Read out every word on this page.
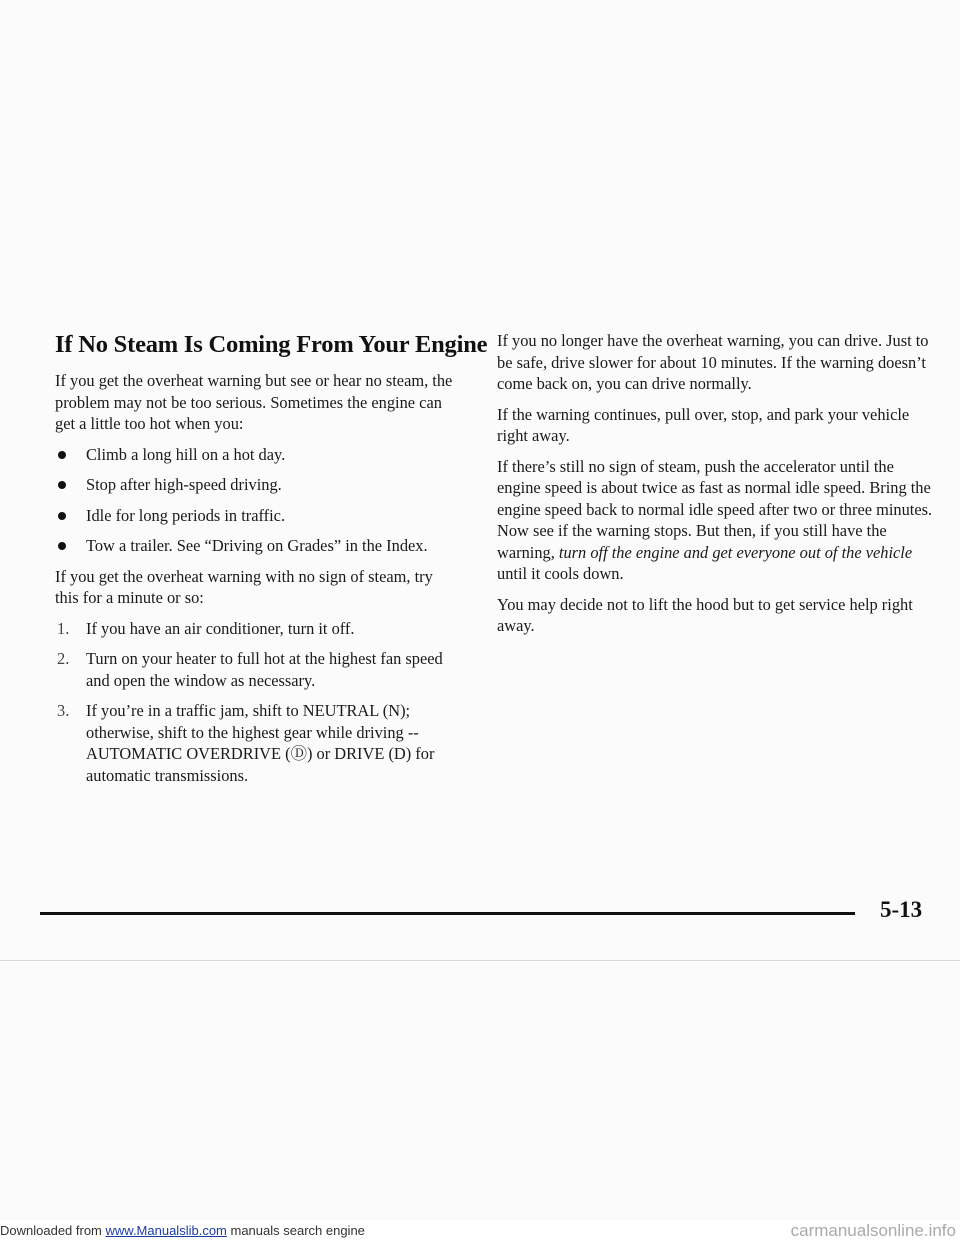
If No Steam Is Coming From Your Engine

If you get the overheat warning but see or hear no steam, the problem may not be too serious. Sometimes the engine can get a little too hot when you:

Climb a long hill on a hot day.
Stop after high-speed driving.
Idle for long periods in traffic.
Tow a trailer. See “Driving on Grades” in the Index.

If you get the overheat warning with no sign of steam, try this for a minute or so:

1. If you have an air conditioner, turn it off.
2. Turn on your heater to full hot at the highest fan speed and open the window as necessary.
3. If you’re in a traffic jam, shift to NEUTRAL (N); otherwise, shift to the highest gear while driving -- AUTOMATIC OVERDRIVE (Ⓓ) or DRIVE (D) for automatic transmissions.

If you no longer have the overheat warning, you can drive. Just to be safe, drive slower for about 10 minutes. If the warning doesn’t come back on, you can drive normally.

If the warning continues, pull over, stop, and park your vehicle right away.

If there’s still no sign of steam, push the accelerator until the engine speed is about twice as fast as normal idle speed. Bring the engine speed back to normal idle speed after two or three minutes. Now see if the warning stops. But then, if you still have the warning, turn off the engine and get everyone out of the vehicle until it cools down.

You may decide not to lift the hood but to get service help right away.

5-13
Downloaded from www.Manualslib.com manuals search engine	carmanualsonline.info
